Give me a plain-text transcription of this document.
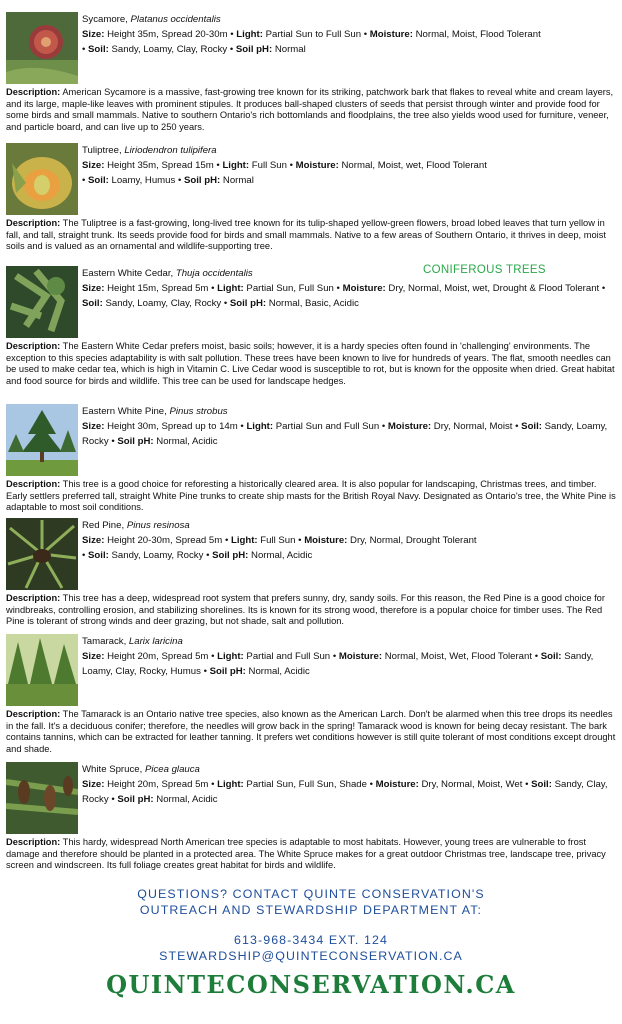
Sycamore, Platanus occidentalis
Size: Height 35m, Spread 20-30m • Light: Partial Sun to Full Sun • Moisture: Normal, Moist, Flood Tolerant
• Soil: Sandy, Loamy, Clay, Rocky • Soil pH: Normal
Description: American Sycamore is a massive, fast-growing tree known for its striking, patchwork bark that flakes to reveal white and cream layers, and its large, maple-like leaves with prominent stipules. It produces ball-shaped clusters of seeds that persist through winter and provide food for some birds and small mammals. Native to southern Ontario's rich bottomlands and floodplains, the tree also yields wood used for furniture, veneer, and particle board, and can live up to 250 years.
Tuliptree, Liriodendron tulipifera
Size: Height 35m, Spread 15m • Light: Full Sun • Moisture: Normal, Moist, wet, Flood Tolerant
• Soil: Loamy, Humus • Soil pH: Normal
Description: The Tuliptree is a fast-growing, long-lived tree known for its tulip-shaped yellow-green flowers, broad lobed leaves that turn yellow in fall, and tall, straight trunk. Its seeds provide food for birds and small mammals. Native to a few areas of Southern Ontario, it thrives in deep, moist soils and is valued as an ornamental and wildlife-supporting tree.
CONIFEROUS TREES
Eastern White Cedar, Thuja occidentalis
Size: Height 15m, Spread 5m • Light: Partial Sun, Full Sun • Moisture: Dry, Normal, Moist, wet, Drought & Flood Tolerant • Soil: Sandy, Loamy, Clay, Rocky • Soil pH: Normal, Basic, Acidic
Description: The Eastern White Cedar prefers moist, basic soils; however, it is a hardy species often found in 'challenging' environments. The exception to this species adaptability is with salt pollution. These trees have been known to live for hundreds of years. The flat, smooth needles can be used to make cedar tea, which is high in Vitamin C. Live Cedar wood is susceptible to rot, but is known for the opposite when dried. Great habitat and food source for birds and wildlife. This tree can be used for landscape hedges.
Eastern White Pine, Pinus strobus
Size: Height 30m, Spread up to 14m • Light: Partial Sun and Full Sun • Moisture: Dry, Normal, Moist • Soil: Sandy, Loamy, Rocky • Soil pH: Normal, Acidic
Description: This tree is a good choice for reforesting a historically cleared area. It is also popular for landscaping, Christmas trees, and timber. Early settlers preferred tall, straight White Pine trunks to create ship masts for the British Royal Navy. Designated as Ontario's tree, the White Pine is adaptable to most soil conditions.
Red Pine, Pinus resinosa
Size: Height 20-30m, Spread 5m • Light: Full Sun • Moisture: Dry, Normal, Drought Tolerant
• Soil: Sandy, Loamy, Rocky • Soil pH: Normal, Acidic
Description: This tree has a deep, widespread root system that prefers sunny, dry, sandy soils. For this reason, the Red Pine is a good choice for windbreaks, controlling erosion, and stabilizing shorelines. Its is known for its strong wood, therefore is a popular choice for timber uses. The Red Pine is tolerant of strong winds and deer grazing, but not shade, salt and pollution.
Tamarack, Larix laricina
Size: Height 20m, Spread 5m • Light: Partial and Full Sun • Moisture: Normal, Moist, Wet, Flood Tolerant • Soil: Sandy, Loamy, Clay, Rocky, Humus • Soil pH: Normal, Acidic
Description: The Tamarack is an Ontario native tree species, also known as the American Larch. Don't be alarmed when this tree drops its needles in the fall. It's a deciduous conifer; therefore, the needles will grow back in the spring! Tamarack wood is known for being decay resistant. The bark contains tannins, which can be extracted for leather tanning. It prefers wet conditions however is still quite tolerant of most conditions except drought and shade.
White Spruce, Picea glauca
Size: Height 20m, Spread 5m • Light: Partial Sun, Full Sun, Shade • Moisture: Dry, Normal, Moist, Wet • Soil: Sandy, Clay, Rocky • Soil pH: Normal, Acidic
Description: This hardy, widespread North American tree species is adaptable to most habitats. However, young trees are vulnerable to frost damage and therefore should be planted in a protected area. The White Spruce makes for a great outdoor Christmas tree, landscape tree, privacy screen and windscreen. Its full foliage creates great habitat for birds and wildlife.
QUESTIONS? CONTACT QUINTE CONSERVATION'S
OUTREACH AND STEWARDSHIP DEPARTMENT AT:
613-968-3434 EXT. 124
STEWARDSHIP@QUINTECONSERVATION.CA
QUINTECONSERVATION.CA
